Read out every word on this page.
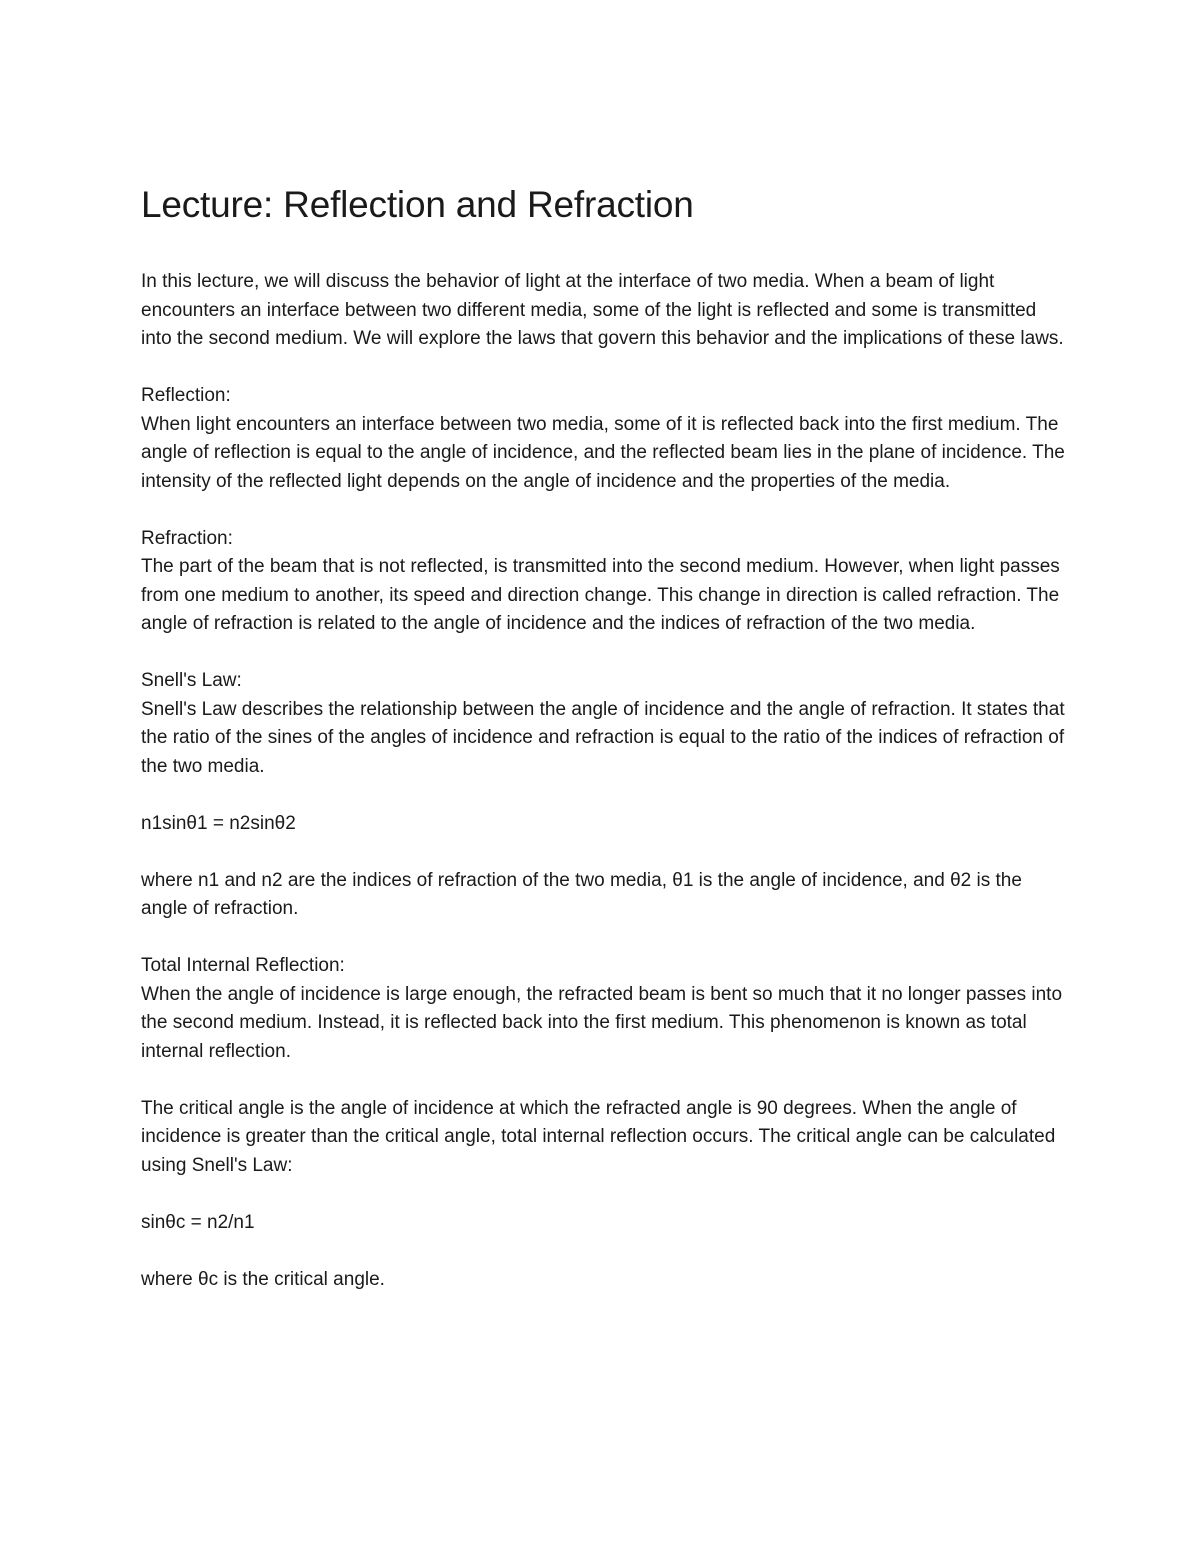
Lecture: Reflection and Refraction

In this lecture, we will discuss the behavior of light at the interface of two media. When a beam of light encounters an interface between two different media, some of the light is reflected and some is transmitted into the second medium. We will explore the laws that govern this behavior and the implications of these laws.

Reflection:
When light encounters an interface between two media, some of it is reflected back into the first medium. The angle of reflection is equal to the angle of incidence, and the reflected beam lies in the plane of incidence. The intensity of the reflected light depends on the angle of incidence and the properties of the media.

Refraction:
The part of the beam that is not reflected, is transmitted into the second medium. However, when light passes from one medium to another, its speed and direction change. This change in direction is called refraction. The angle of refraction is related to the angle of incidence and the indices of refraction of the two media.

Snell's Law:
Snell's Law describes the relationship between the angle of incidence and the angle of refraction. It states that the ratio of the sines of the angles of incidence and refraction is equal to the ratio of the indices of refraction of the two media.

n1sinθ1 = n2sinθ2

where n1 and n2 are the indices of refraction of the two media, θ1 is the angle of incidence, and θ2 is the angle of refraction.

Total Internal Reflection:
When the angle of incidence is large enough, the refracted beam is bent so much that it no longer passes into the second medium. Instead, it is reflected back into the first medium. This phenomenon is known as total internal reflection.

The critical angle is the angle of incidence at which the refracted angle is 90 degrees. When the angle of incidence is greater than the critical angle, total internal reflection occurs. The critical angle can be calculated using Snell's Law:

sinθc = n2/n1

where θc is the critical angle.
